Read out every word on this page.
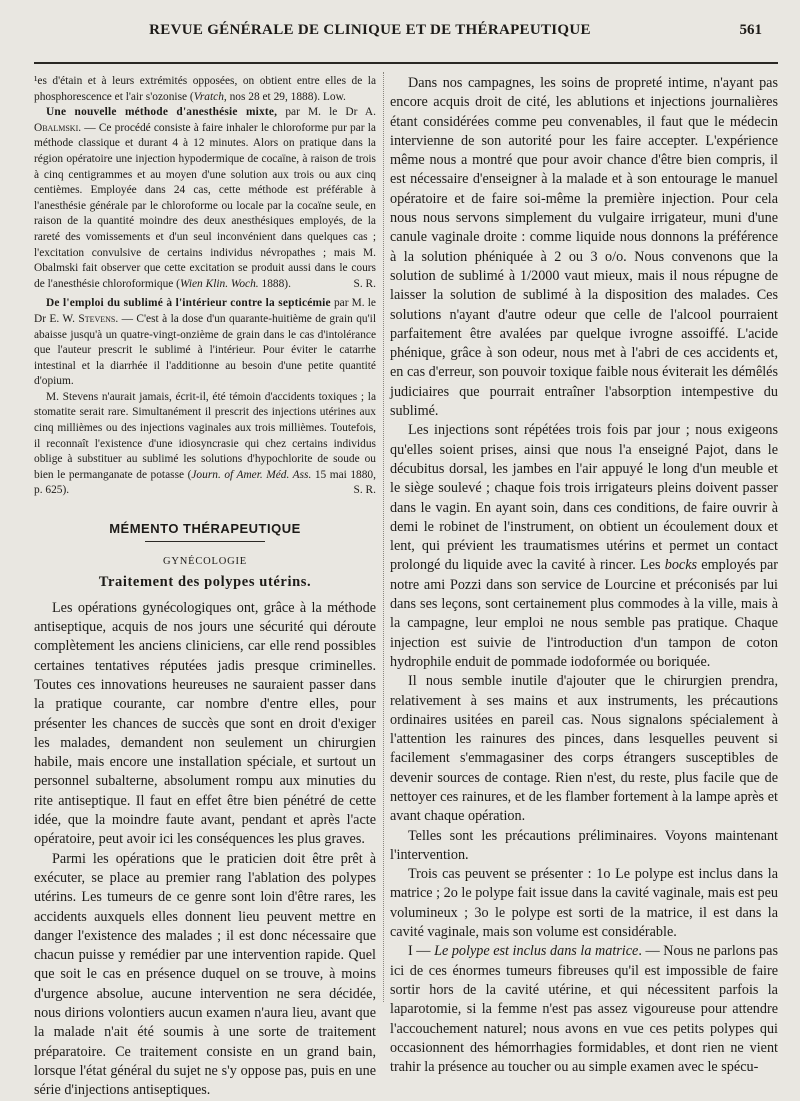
REVUE GÉNÉRALE DE CLINIQUE ET DE THÉRAPEUTIQUE	561

¹es d'étain et à leurs extrémités opposées, on obtient entre elles de la phosphorescence et l'air s'ozonise (Vratch, nos 28 et 29, 1888). Low.

Une nouvelle méthode d'anesthésie mixte, par M. le Dr A. Obalmski. — Ce procédé consiste à faire inhaler le chloroforme pur par la méthode classique et durant 4 à 12 minutes. Alors on pratique dans la région opératoire une injection hypodermique de cocaïne, à raison de trois à cinq centigrammes et au moyen d'une solution aux trois ou aux cinq centièmes. Employée dans 24 cas, cette méthode est préférable à l'anesthésie générale par le chloroforme ou locale par la cocaïne seule, en raison de la quantité moindre des deux anesthésiques employés, de la rareté des vomissements et d'un seul inconvénient dans quelques cas ; l'excitation convulsive de certains individus névropathes ; mais M. Obalmski fait observer que cette excitation se produit aussi dans le cours de l'anesthésie chloroformique (Wien Klin. Woch. 1888).	S. R.

De l'emploi du sublimé à l'intérieur contre la septicémie par M. le Dr E. W. Stevens. — C'est à la dose d'un quarante-huitième de grain qu'il abaisse jusqu'à un quatre-vingt-onzième de grain dans le cas d'intolérance que l'auteur prescrit le sublimé à l'intérieur. Pour éviter le catarrhe intestinal et la diarrhée il l'additionne au besoin d'une petite quantité d'opium.

M. Stevens n'aurait jamais, écrit-il, été témoin d'accidents toxiques ; la stomatite serait rare. Simultanément il prescrit des injections utérines aux cinq millièmes ou des injections vaginales aux trois millièmes. Toutefois, il reconnaît l'existence d'une idiosyncrasie qui chez certains individus oblige à substituer au sublimé les solutions d'hypochlorite de soude ou bien le permanganate de potasse (Journ. of Amer. Méd. Ass. 15 mai 1880, p. 625).	S. R.

MÉMENTO THÉRAPEUTIQUE
GYNÉCOLOGIE
Traitement des polypes utérins.

Les opérations gynécologiques ont, grâce à la méthode antiseptique, acquis de nos jours une sécurité qui déroute complètement les anciens cliniciens, car elle rend possibles certaines tentatives réputées jadis presque criminelles. Toutes ces innovations heureuses ne sauraient passer dans la pratique courante, car nombre d'entre elles, pour présenter les chances de succès que sont en droit d'exiger les malades, demandent non seulement un chirurgien habile, mais encore une installation spéciale, et surtout un personnel subalterne, absolument rompu aux minuties du rite antiseptique. Il faut en effet être bien pénétré de cette idée, que la moindre faute avant, pendant et après l'acte opératoire, peut avoir ici les conséquences les plus graves.

Parmi les opérations que le praticien doit être prêt à exécuter, se place au premier rang l'ablation des polypes utérins. Les tumeurs de ce genre sont loin d'être rares, les accidents auxquels elles donnent lieu peuvent mettre en danger l'existence des malades ; il est donc nécessaire que chacun puisse y remédier par une intervention rapide. Quel que soit le cas en présence duquel on se trouve, à moins d'urgence absolue, aucune intervention ne sera décidée, nous dirions volontiers aucun examen n'aura lieu, avant que la malade n'ait été soumis à une sorte de traitement préparatoire. Ce traitement consiste en un grand bain, lorsque l'état général du sujet ne s'y oppose pas, puis en une série d'injections antiseptiques.

Dans nos campagnes, les soins de propreté intime, n'ayant pas encore acquis droit de cité, les ablutions et injections journalières étant considérées comme peu convenables, il faut que le médecin intervienne de son autorité pour les faire accepter. L'expérience même nous a montré que pour avoir chance d'être bien compris, il est nécessaire d'enseigner à la malade et à son entourage le manuel opératoire et de faire soi-même la première injection. Pour cela nous nous servons simplement du vulgaire irrigateur, muni d'une canule vaginale droite : comme liquide nous donnons la préférence à la solution phéniquée à 2 ou 3 o/o. Nous convenons que la solution de sublimé à 1/2000 vaut mieux, mais il nous répugne de laisser la solution de sublimé à la disposition des malades. Ces solutions n'ayant d'autre odeur que celle de l'alcool pourraient parfaitement être avalées par quelque ivrogne assoiffé. L'acide phénique, grâce à son odeur, nous met à l'abri de ces accidents et, en cas d'erreur, son pouvoir toxique faible nous éviterait les démêlés judiciaires que pourrait entraîner l'absorption intempestive du sublimé.

Les injections sont répétées trois fois par jour ; nous exigeons qu'elles soient prises, ainsi que nous l'a enseigné Pajot, dans le décubitus dorsal, les jambes en l'air appuyé le long d'un meuble et le siège soulevé ; chaque fois trois irrigateurs pleins doivent passer dans le vagin. En ayant soin, dans ces conditions, de faire ouvrir à demi le robinet de l'instrument, on obtient un écoulement doux et lent, qui prévient les traumatismes utérins et permet un contact prolongé du liquide avec la cavité à rincer. Les bocks employés par notre ami Pozzi dans son service de Lourcine et préconisés par lui dans ses leçons, sont certainement plus commodes à la ville, mais à la campagne, leur emploi ne nous semble pas pratique. Chaque injection est suivie de l'introduction d'un tampon de coton hydrophile enduit de pommade iodoformée ou boriquée.

Il nous semble inutile d'ajouter que le chirurgien prendra, relativement à ses mains et aux instruments, les précautions ordinaires usitées en pareil cas. Nous signalons spécialement à l'attention les rainures des pinces, dans lesquelles peuvent si facilement s'emmagasiner des corps étrangers susceptibles de devenir sources de contage. Rien n'est, du reste, plus facile que de nettoyer ces rainures, et de les flamber fortement à la lampe après et avant chaque opération.

Telles sont les précautions préliminaires. Voyons maintenant l'intervention.

Trois cas peuvent se présenter : 1o Le polype est inclus dans la matrice ; 2o le polype fait issue dans la cavité vaginale, mais est peu volumineux ; 3o le polype est sorti de la matrice, il est dans la cavité vaginale, mais son volume est considérable.

I — Le polype est inclus dans la matrice. — Nous ne parlons pas ici de ces énormes tumeurs fibreuses qu'il est impossible de faire sortir hors de la cavité utérine, et qui nécessitent parfois la laparotomie, si la femme n'est pas assez vigoureuse pour attendre l'accouchement naturel; nous avons en vue ces petits polypes qui occasionnent des hémorrhagies formidables, et dont rien ne vient trahir la présence au toucher ou au simple examen avec le spécu-
